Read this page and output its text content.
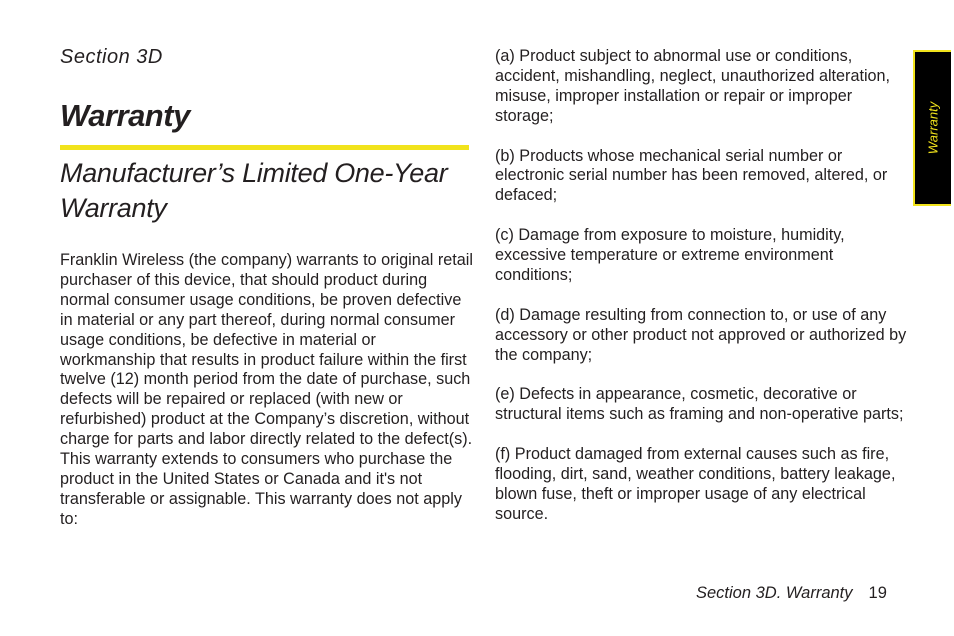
Section 3D
Warranty
Manufacturer’s Limited One-Year Warranty

Franklin Wireless (the company) warrants to original retail purchaser of this device, that should product during normal consumer usage conditions, be proven defective in material or any part thereof, during normal consumer usage conditions, be defective in material or workmanship that results in product failure within the first twelve (12) month period from the date of purchase, such defects will be repaired or replaced (with new or refurbished) product at the Company’s discretion, without charge for parts and labor directly related to the defect(s). This warranty extends to consumers who purchase the product in the United States or Canada and it's not transferable or assignable. This warranty does not apply to:

(a) Product subject to abnormal use or conditions, accident, mishandling, neglect, unauthorized alteration, misuse, improper installation or repair or improper storage;

(b) Products whose mechanical serial number or electronic serial number has been removed, altered, or defaced;

(c) Damage from exposure to moisture, humidity, excessive temperature or extreme environment conditions;

(d) Damage resulting from connection to, or use of any accessory or other product not approved or authorized by the company;

(e) Defects in appearance, cosmetic, decorative or structural items such as framing and non-operative parts;

(f) Product damaged from external causes such as fire, flooding, dirt, sand, weather conditions, battery leakage, blown fuse, theft or improper usage of any electrical source.

Warranty
Section 3D. Warranty 19
